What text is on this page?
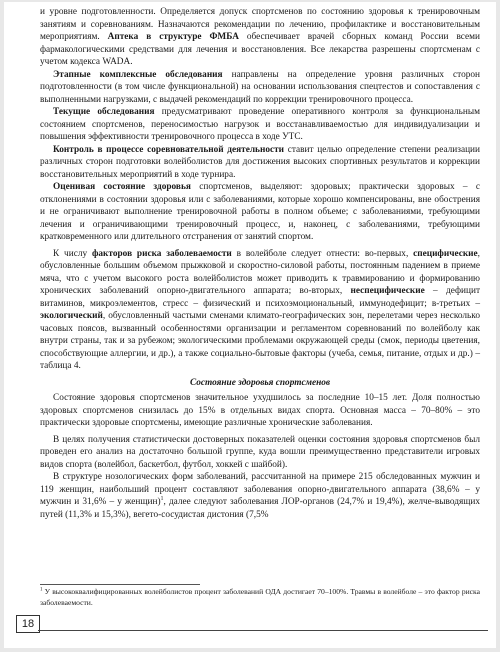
и уровне подготовленности. Определяется допуск спортсменов по состоянию здоровья к тренировочным занятиям и соревнованиям. Назначаются рекомендации по лечению, профилактике и восстановительным мероприятиям. Аптека в структуре ФМБА обеспечивает врачей сборных команд России всеми фармакологическими средствами для лечения и восстановления. Все лекарства разрешены спортсменам с учетом кодекса WADA.

Этапные комплексные обследования направлены на определение уровня различных сторон подготовленности (в том числе функциональной) на основании использования спецтестов и сопоставления с выполненными нагрузками, с выдачей рекомендаций по коррекции тренировочного процесса.

Текущие обследования предусматривают проведение оперативного контроля за функциональным состоянием спортсменов, переносимостью нагрузок и восстанавливаемостью для индивидуализации и повышения эффективности тренировочного процесса в ходе УТС.

Контроль в процессе соревновательной деятельности ставит целью определение степени реализации различных сторон подготовки волейболистов для достижения высоких спортивных результатов и коррекции восстановительных мероприятий в ходе турнира.

Оценивая состояние здоровья спортсменов, выделяют: здоровых; практически здоровых – с отклонениями в состоянии здоровья или с заболеваниями, которые хорошо компенсированы, вне обострения и не ограничивают выполнение тренировочной работы в полном объеме; с заболеваниями, требующими лечения и ограничивающими тренировочный процесс, и, наконец, с заболеваниями, требующими кратковременного или длительного отстранения от занятий спортом.

К числу факторов риска заболеваемости в волейболе следует отнести: во-первых, специфические, обусловленные большим объемом прыжковой и скоростно-силовой работы, постоянным падением в приеме мяча, что с учетом высокого роста волейболистов может приводить к травмированию и формированию хронических заболеваний опорно-двигательного аппарата; во-вторых, неспецифические – дефицит витаминов, микроэлементов, стресс – физический и психоэмоциональный, иммунодефицит; в-третьих – экологический, обусловленный частыми сменами климато-географических зон, перелетами через несколько часовых поясов, вызванный особенностями организации и регламентом соревнований по волейболу как внутри страны, так и за рубежом; экологическими проблемами окружающей среды (смок, периоды цветения, способствующие аллергии, и др.), а также социально-бытовые факторы (учеба, семья, питание, отдых и др.) – таблица 4.

Состояние здоровья спортсменов

Состояние здоровья спортсменов значительное ухудшилось за последние 10–15 лет. Доля полностью здоровых спортсменов снизилась до 15% в отдельных видах спорта. Основная масса – 70–80% – это практически здоровые спортсмены, имеющие различные хронические заболевания.

В целях получения статистически достоверных показателей оценки состояния здоровья спортсменов был проведен его анализ на достаточно большой группе, куда вошли преимущественно представители игровых видов спорта (волейбол, баскетбол, футбол, хоккей с шайбой).

В структуре нозологических форм заболеваний, рассчитанной на примере 215 обследованных мужчин и 119 женщин, наибольший процент составляют заболевания опорно-двигательного аппарата (38,6% – у мужчин и 31,6% – у женщин)$^1$, далее следуют заболевания ЛОР-органов (24,7% и 19,4%), желче-выводящих путей (11,3% и 15,3%), вегето-сосудистая дистония (7,5%

$^1$ У высококвалифицированных волейболистов процент заболеваний ОДА достигает 70–100%. Травмы в волейболе – это фактор риска заболеваемости.
18
